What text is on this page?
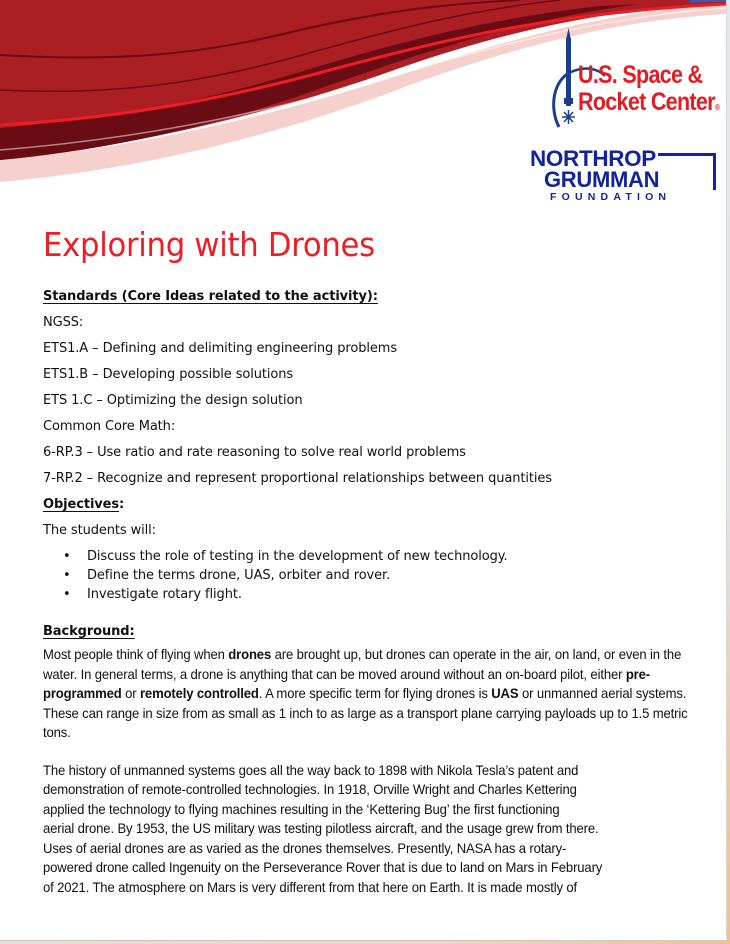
U.S. Space &
Rocket Center®
NORTHROP
GRUMMAN
FOUNDATION
Exploring with Drones
Standards (Core Ideas related to the activity):
NGSS:
ETS1.A – Defining and delimiting engineering problems
ETS1.B – Developing possible solutions
ETS 1.C – Optimizing the design solution
Common Core Math:
6-RP.3 – Use ratio and rate reasoning to solve real world problems
7-RP.2 – Recognize and represent proportional relationships between quantities
Objectives:
The students will:
• Discuss the role of testing in the development of new technology.
• Define the terms drone, UAS, orbiter and rover.
• Investigate rotary flight.
Background:

Most people think of flying when drones are brought up, but drones can operate in the air, on land, or even in the water. In general terms, a drone is anything that can be moved around without an on-board pilot, either pre-programmed or remotely controlled. A more specific term for flying drones is UAS or unmanned aerial systems. These can range in size from as small as 1 inch to as large as a transport plane carrying payloads up to 1.5 metric tons.

The history of unmanned systems goes all the way back to 1898 with Nikola Tesla’s patent and
demonstration of remote-controlled technologies. In 1918, Orville Wright and Charles Kettering
applied the technology to flying machines resulting in the ‘Kettering Bug’ the first functioning
aerial drone. By 1953, the US military was testing pilotless aircraft, and the usage grew from there.
Uses of aerial drones are as varied as the drones themselves. Presently, NASA has a rotary-
powered drone called Ingenuity on the Perseverance Rover that is due to land on Mars in February
of 2021. The atmosphere on Mars is very different from that here on Earth. It is made mostly of
